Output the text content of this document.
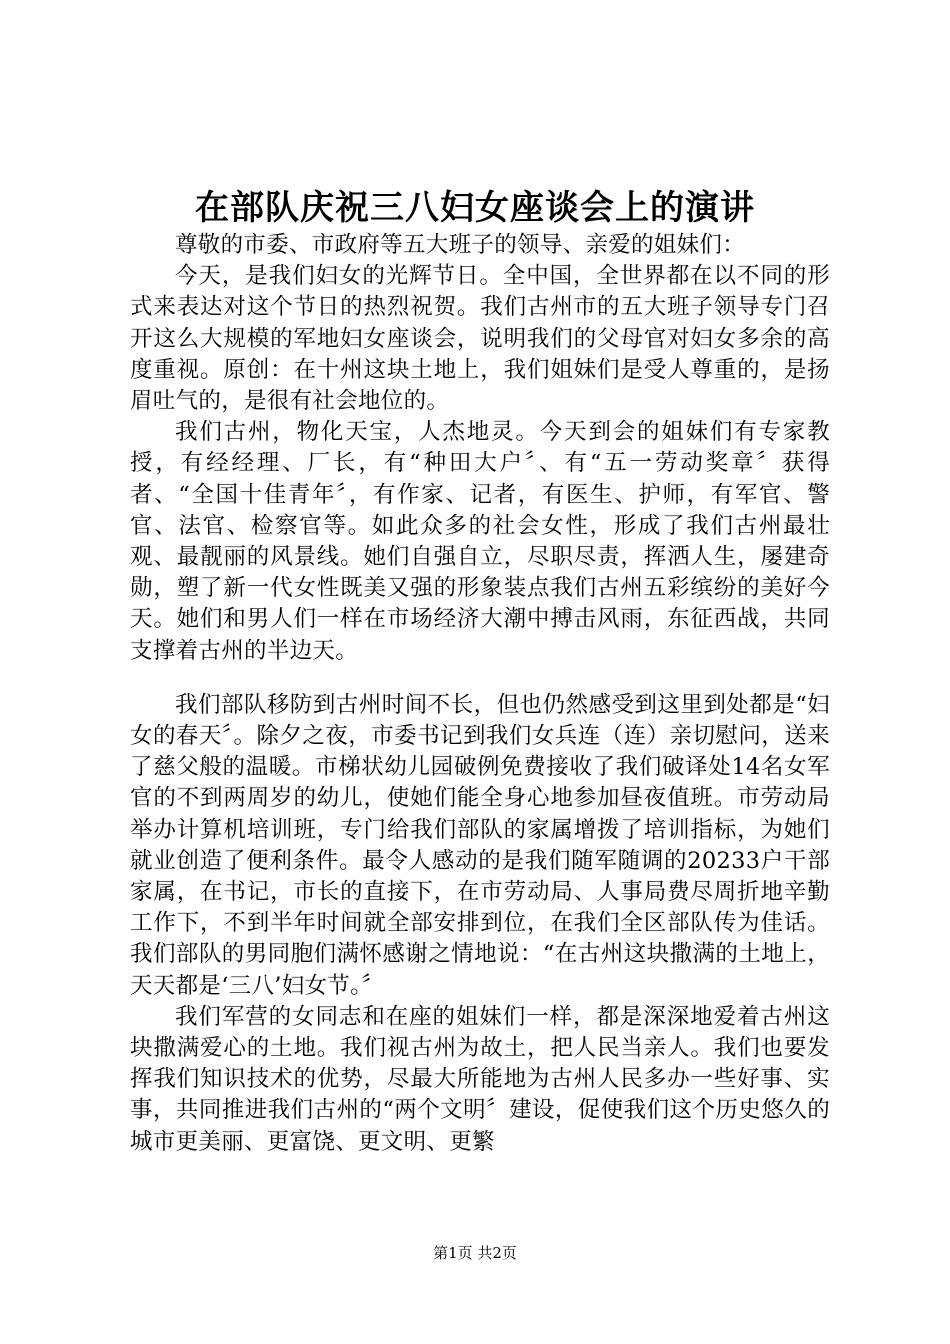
在部队庆祝三八妇女座谈会上的演讲

尊敬的市委、市政府等五大班子的领导、亲爱的姐妹们：

今天，是我们妇女的光辉节日。全中国，全世界都在以不同的形式来表达对这个节日的热烈祝贺。我们古州市的五大班子领导专门召开这么大规模的军地妇女座谈会，说明我们的父母官对妇女多余的高度重视。原创：在十州这块土地上，我们姐妹们是受人尊重的，是扬眉吐气的，是很有社会地位的。

我们古州，物化天宝，人杰地灵。今天到会的姐妹们有专家教授，有经经理、厂长，有“种田大户〞、有“五一劳动奖章〞获得者、“全国十佳青年〞，有作家、记者，有医生、护师，有军官、警官、法官、检察官等。如此众多的社会女性，形成了我们古州最壮观、最靓丽的风景线。她们自强自立，尽职尽责，挥洒人生，屡建奇勋，塑了新一代女性既美又强的形象装点我们古州五彩缤纷的美好今天。她们和男人们一样在市场经济大潮中搏击风雨，东征西战，共同支撑着古州的半边天。

我们部队移防到古州时间不长，但也仍然感受到这里到处都是“妇女的春天〞。除夕之夜，市委书记到我们女兵连（连）亲切慰问，送来了慈父般的温暖。市梯状幼儿园破例免费接收了我们破译处14名女军官的不到两周岁的幼儿，使她们能全身心地参加昼夜值班。市劳动局举办计算机培训班，专门给我们部队的家属增拨了培训指标，为她们就业创造了便利条件。最令人感动的是我们随军随调的20233户干部家属，在书记，市长的直接下，在市劳动局、人事局费尽周折地辛勤工作下，不到半年时间就全部安排到位，在我们全区部队传为佳话。我们部队的男同胞们满怀感谢之情地说：“在古州这块撒满的土地上，天天都是‘三八’妇女节。〞

我们军营的女同志和在座的姐妹们一样，都是深深地爱着古州这块撒满爱心的土地。我们视古州为故土，把人民当亲人。我们也要发挥我们知识技术的优势，尽最大所能地为古州人民多办一些好事、实事，共同推进我们古州的“两个文明〞建设，促使我们这个历史悠久的城市更美丽、更富饶、更文明、更繁

第1页 共2页
